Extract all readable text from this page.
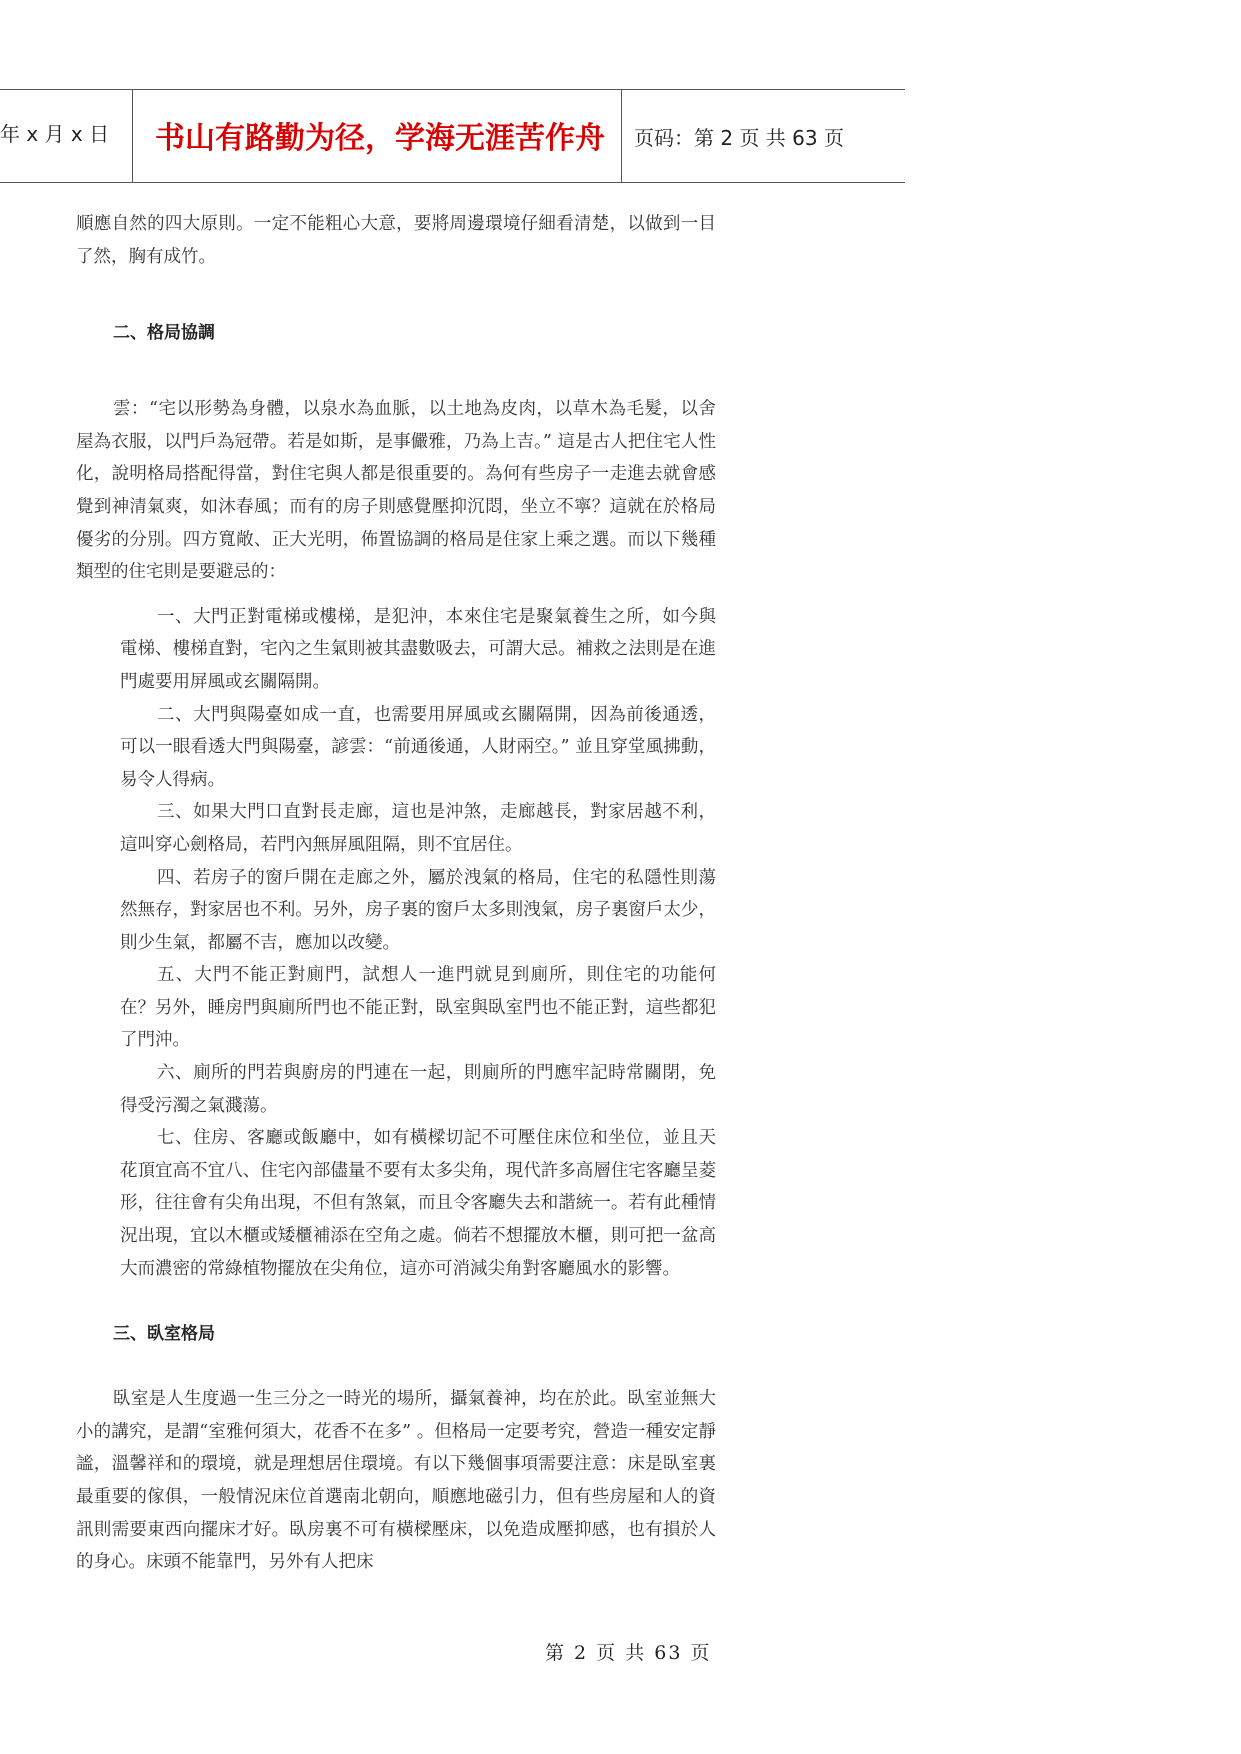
年 x 月 x 日 书山有路勤为径，学海无涯苦作舟 页码：第 2 页 共 63 页

順應自然的四大原則。一定不能粗心大意，要將周邊環境仔細看清楚，以做到一目了然，胸有成竹。

二、格局協調

雲：“宅以形勢為身體，以泉水為血脈，以土地為皮肉，以草木為毛髮，以舍屋為衣服，以門戶為冠帶。若是如斯，是事儼雅，乃為上吉。” 這是古人把住宅人性化，說明格局搭配得當，對住宅與人都是很重要的。為何有些房子一走進去就會感覺到神清氣爽，如沐春風；而有的房子則感覺壓抑沉悶，坐立不寧？這就在於格局優劣的分別。四方寬敞、正大光明，佈置協調的格局是住家上乘之選。而以下幾種類型的住宅則是要避忌的：

一、大門正對電梯或樓梯，是犯沖，本來住宅是聚氣養生之所，如今與電梯、樓梯直對，宅內之生氣則被其盡數吸去，可謂大忌。補救之法則是在進門處要用屏風或玄關隔開。

二、大門與陽臺如成一直，也需要用屏風或玄關隔開，因為前後通透，可以一眼看透大門與陽臺，諺雲：“前通後通，人財兩空。” 並且穿堂風拂動，易令人得病。

三、如果大門口直對長走廊，這也是沖煞，走廊越長，對家居越不利，這叫穿心劍格局，若門內無屏風阻隔，則不宜居住。

四、若房子的窗戶開在走廊之外，屬於洩氣的格局，住宅的私隱性則蕩然無存，對家居也不利。另外，房子裏的窗戶太多則洩氣，房子裏窗戶太少，則少生氣，都屬不吉，應加以改變。

五、大門不能正對廁門，試想人一進門就見到廁所，則住宅的功能何在？另外，睡房門與廁所門也不能正對，臥室與臥室門也不能正對，這些都犯了門沖。

六、廁所的門若與廚房的門連在一起，則廁所的門應牢記時常關閉，免得受污濁之氣濺蕩。

七、住房、客廳或飯廳中，如有橫樑切記不可壓住床位和坐位，並且天花頂宜高不宜八、住宅內部儘量不要有太多尖角，現代許多高層住宅客廳呈菱形，往往會有尖角出現，不但有煞氣，而且令客廳失去和諧統一。若有此種情況出現，宜以木櫃或矮櫃補添在空角之處。倘若不想擺放木櫃，則可把一盆高大而濃密的常綠植物擺放在尖角位，這亦可消減尖角對客廳風水的影響。

三、臥室格局

臥室是人生度過一生三分之一時光的場所，攝氣養神，均在於此。臥室並無大小的講究，是謂“室雅何須大，花香不在多” 。但格局一定要考究，營造一種安定靜謐，溫馨祥和的環境，就是理想居住環境。有以下幾個事項需要注意：床是臥室裏最重要的傢俱，一般情況床位首選南北朝向，順應地磁引力，但有些房屋和人的資訊則需要東西向擺床才好。臥房裏不可有橫樑壓床，以免造成壓抑感，也有損於人的身心。床頭不能靠門，另外有人把床

第 2 页 共 63 页
